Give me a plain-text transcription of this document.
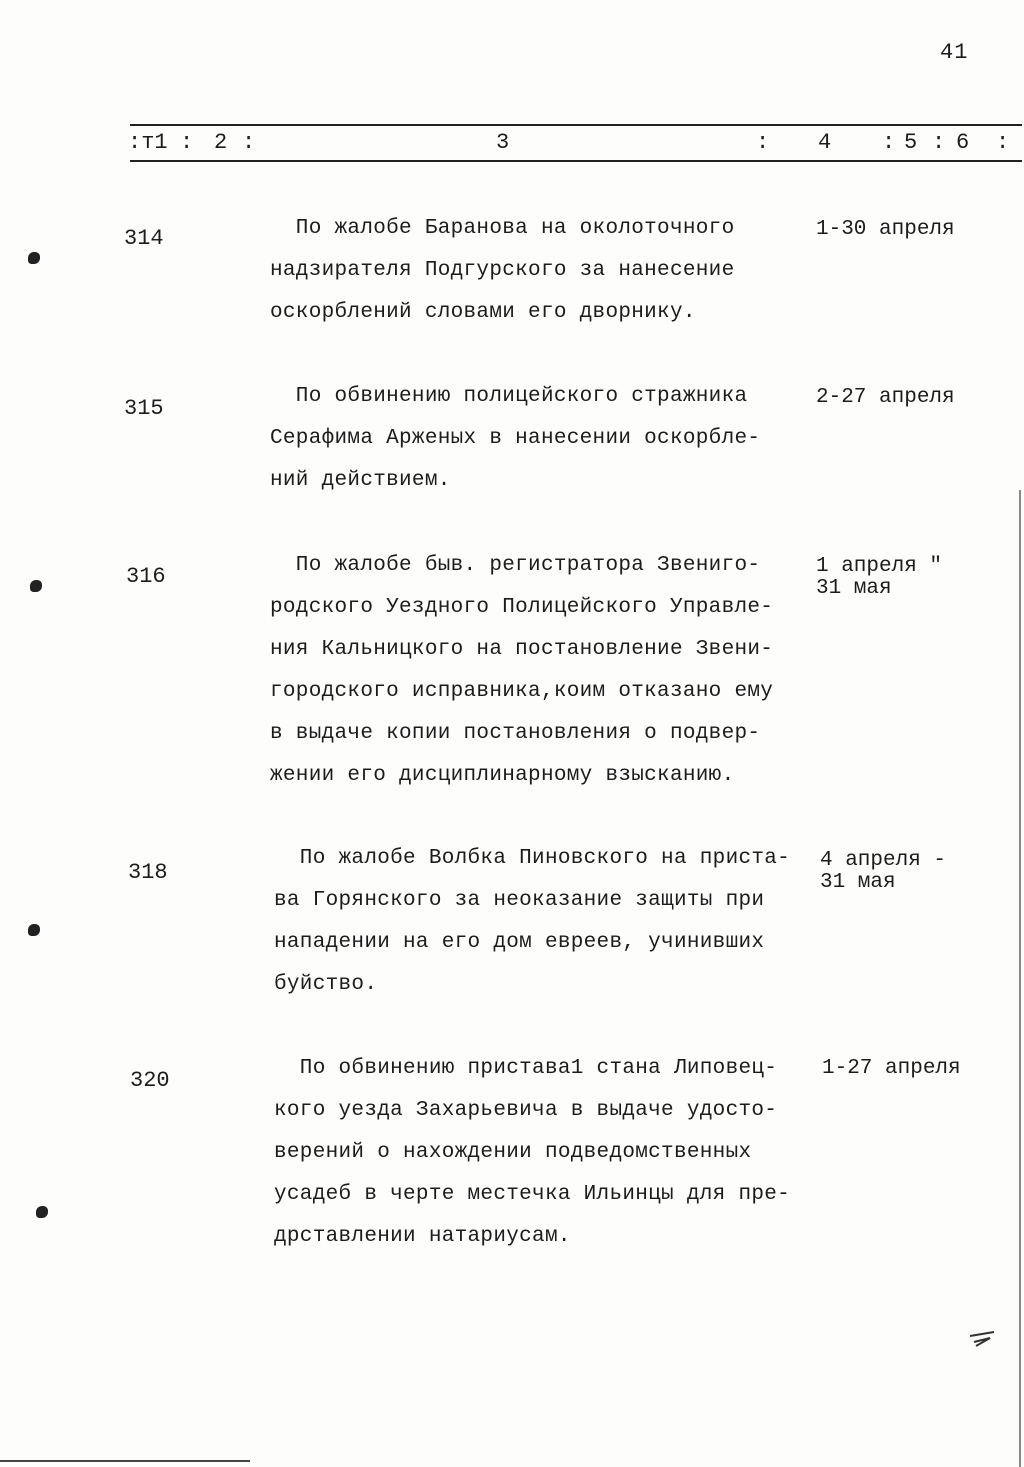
41
:т1 : 2 :	3	: 4 : 5 : 6 :
314	По жалобе Баранова на околоточного
надзирателя Подгурского за нанесение
оскорблений словами его дворнику.
1-30 апреля
315	По обвинению полицейского стражника
Серафима Арженых в нанесении оскорбле-
ний действием.
2-27 апреля
316	По жалобе быв. регистратора Звениго-
родского Уездного Полицейского Управле-
ния Кальницкого на постановление Звени-
городского исправника,коим отказано ему
в выдаче копии постановления о подвер-
жении его дисциплинарному взысканию.
1 апреля "
31 мая
318
По жалобе Волбка Пиновского на приста-
ва Горянского за неоказание защиты при
нападении на его дом евреев, учинивших
буйство.
4 апреля -
31 мая
320	По обвинению пристава1 стана Липовец-
кого уезда Захарьевича в выдаче удосто-
верений о нахождении подведомственных
усадеб в черте местечка Ильинцы для пре-
дрставлении натариусам.
1-27 апреля
